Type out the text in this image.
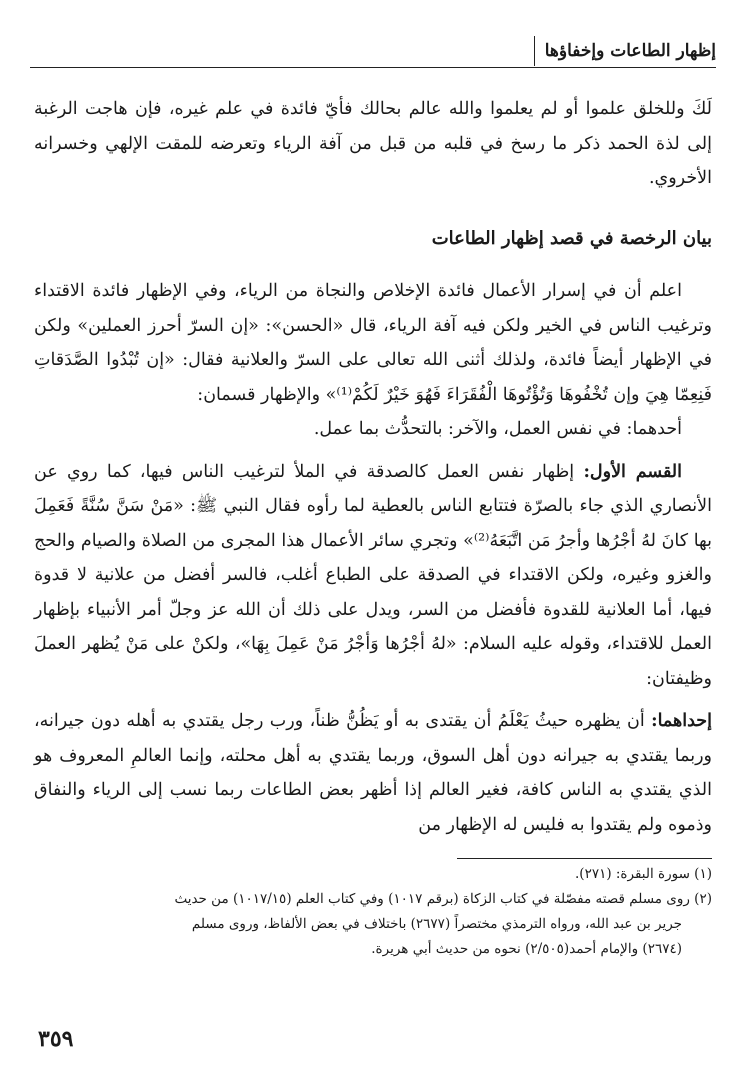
إظهار الطاعات وإخفاؤها

لَكَ وللخلق علموا أو لم يعلموا والله عالم بحالك فأيّ فائدة في علم غيره، فإن هاجت الرغبة إلى لذة الحمد ذكر ما رسخ في قلبه من قبل من آفة الرياء وتعرضه للمقت الإلهي وخسرانه الأخروي.

بيان الرخصة في قصد إظهار الطاعات

اعلم أن في إسرار الأعمال فائدة الإخلاص والنجاة من الرياء، وفي الإظهار فائدة الاقتداء وترغيب الناس في الخير ولكن فيه آفة الرياء، قال «الحسن»: «إن السرّ أحرز العملين» ولكن في الإظهار أيضاً فائدة، ولذلك أثنى الله تعالى على السرّ والعلانية فقال: «إن تُبْدُوا الصَّدَقاتِ فَنِعِمّا هِيَ وإن تُخْفُوهَا وَتُؤْتُوهَا الْفُقَرَاءَ فَهُوَ خَيْرٌ لَكُمْ⁽¹⁾» والإظهار قسمان:

أحدهما: في نفس العمل، والآخر: بالتحدُّث بما عمل.

القسم الأول: إظهار نفس العمل كالصدقة في الملأ لترغيب الناس فيها، كما روي عن الأنصاري الذي جاء بالصرّة فتتابع الناس بالعطية لما رأوه فقال النبي ﷺ: «مَنْ سَنَّ سُنَّةً فَعَمِلَ بها كانَ لهُ أجْرُها وأجرُ مَن اتَّبَعَهُ⁽²⁾» وتجري سائر الأعمال هذا المجرى من الصلاة والصيام والحج والغزو وغيره، ولكن الاقتداء في الصدقة على الطباع أغلب، فالسر أفضل من علانية لا قدوة فيها، أما العلانية للقدوة فأفضل من السر، ويدل على ذلك أن الله عز وجلّ أمر الأنبياء بإظهار العمل للاقتداء، وقوله عليه السلام: «لهُ أجْرُها وَأجْرُ مَنْ عَمِلَ بِهَا»، ولكنْ على مَنْ يُظهر العملَ وظيفتان:

إحداهما: أن يظهره حيثُ يَعْلَمُ أن يقتدى به أو يَظُنُّ ظناً، ورب رجل يقتدي به أهله دون جيرانه، وربما يقتدي به جيرانه دون أهل السوق، وربما يقتدي به أهل محلته، وإنما العالمِ المعروف هو الذي يقتدي به الناس كافة، فغير العالم إذا أظهر بعض الطاعات ربما نسب إلى الرياء والنفاق وذموه ولم يقتدوا به فليس له الإظهار من

(١) سورة البقرة: (٢٧١).

(٢) روى مسلم قصته مفصّلة في كتاب الزكاة (برقم ١٠١٧) وفي كتاب العلم (١٠١٧/١٥) من حديث

جرير بن عبد الله، ورواه الترمذي مختصراً (٢٦٧٧) باختلاف في بعض الألفاظ، وروى مسلم

(٢٦٧٤) والإمام أحمد(٢/٥٠٥) نحوه من حديث أبي هريرة.

٣٥٩
